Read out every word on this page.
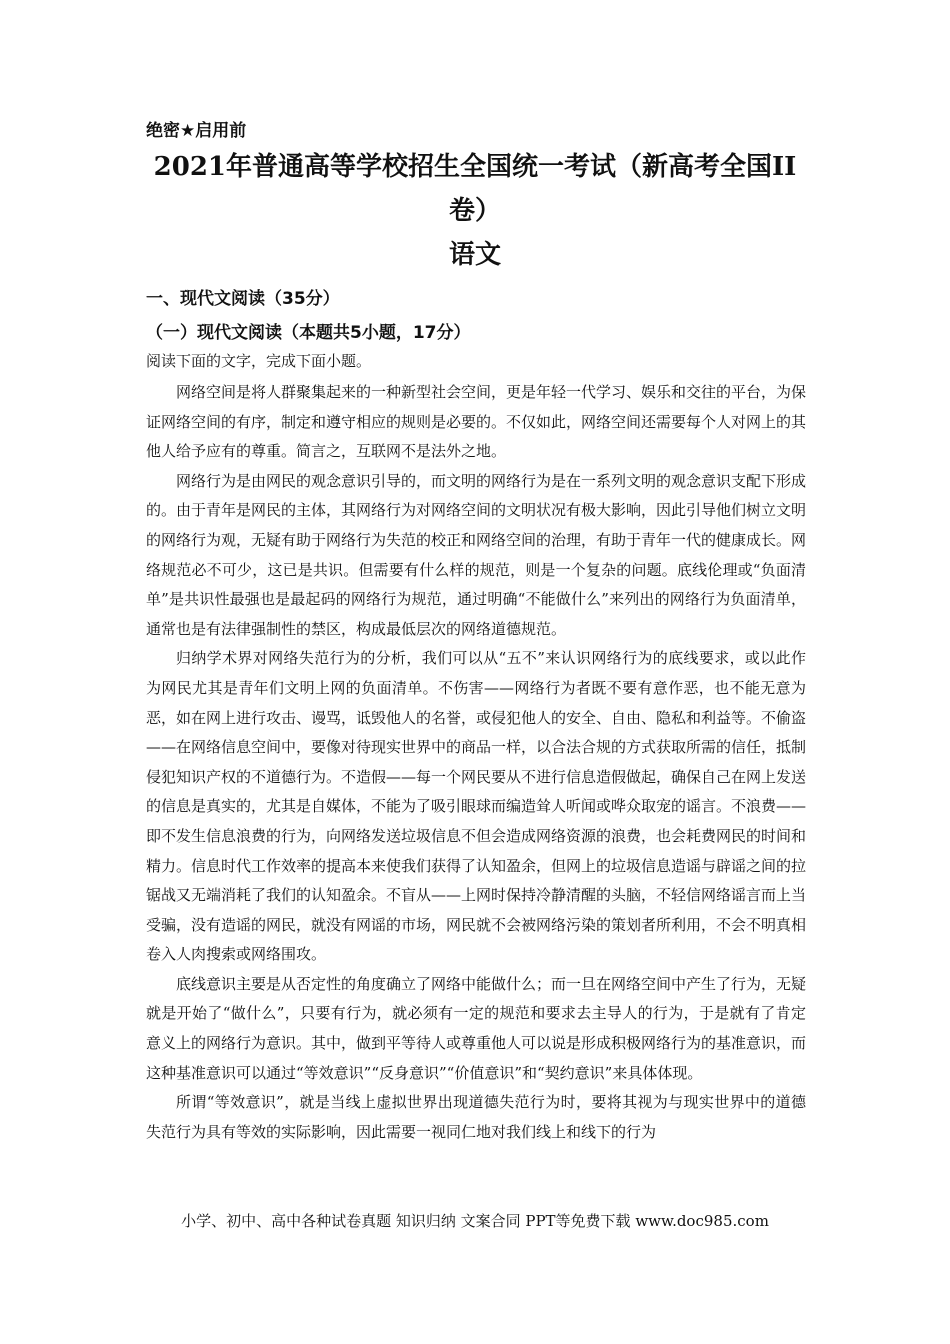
绝密★启用前
2021年普通高等学校招生全国统一考试（新高考全国II
卷）
语文
一、现代文阅读（35分）
（一）现代文阅读（本题共5小题，17分）
阅读下面的文字，完成下面小题。

网络空间是将人群聚集起来的一种新型社会空间，更是年轻一代学习、娱乐和交往的平台，为保证网络空间的有序，制定和遵守相应的规则是必要的。不仅如此，网络空间还需要每个人对网上的其他人给予应有的尊重。简言之，互联网不是法外之地。

网络行为是由网民的观念意识引导的，而文明的网络行为是在一系列文明的观念意识支配下形成的。由于青年是网民的主体，其网络行为对网络空间的文明状况有极大影响，因此引导他们树立文明的网络行为观，无疑有助于网络行为失范的校正和网络空间的治理，有助于青年一代的健康成长。网络规范必不可少，这已是共识。但需要有什么样的规范，则是一个复杂的问题。底线伦理或“负面清单”是共识性最强也是最起码的网络行为规范，通过明确“不能做什么”来列出的网络行为负面清单，通常也是有法律强制性的禁区，构成最低层次的网络道德规范。

归纳学术界对网络失范行为的分析，我们可以从“五不”来认识网络行为的底线要求，或以此作为网民尤其是青年们文明上网的负面清单。不伤害——网络行为者既不要有意作恶，也不能无意为恶，如在网上进行攻击、谩骂，诋毁他人的名誉，或侵犯他人的安全、自由、隐私和利益等。不偷盗——在网络信息空间中，要像对待现实世界中的商品一样，以合法合规的方式获取所需的信任，抵制侵犯知识产权的不道德行为。不造假——每一个网民要从不进行信息造假做起，确保自己在网上发送的信息是真实的，尤其是自媒体，不能为了吸引眼球而编造耸人听闻或哗众取宠的谣言。不浪费——即不发生信息浪费的行为，向网络发送垃圾信息不但会造成网络资源的浪费，也会耗费网民的时间和精力。信息时代工作效率的提高本来使我们获得了认知盈余，但网上的垃圾信息造谣与辟谣之间的拉锯战又无端消耗了我们的认知盈余。不盲从——上网时保持冷静清醒的头脑，不轻信网络谣言而上当受骗，没有造谣的网民，就没有网谣的市场，网民就不会被网络污染的策划者所利用，不会不明真相卷入人肉搜索或网络围攻。

底线意识主要是从否定性的角度确立了网络中能做什么；而一旦在网络空间中产生了行为，无疑就是开始了“做什么”，只要有行为，就必须有一定的规范和要求去主导人的行为，于是就有了肯定意义上的网络行为意识。其中，做到平等待人或尊重他人可以说是形成积极网络行为的基准意识，而这种基准意识可以通过“等效意识”“反身意识”“价值意识”和“契约意识”来具体体现。

所谓“等效意识”，就是当线上虚拟世界出现道德失范行为时，要将其视为与现实世界中的道德失范行为具有等效的实际影响，因此需要一视同仁地对我们线上和线下的行为

小学、初中、高中各种试卷真题 知识归纳 文案合同 PPT等免费下载 www.doc985.com
